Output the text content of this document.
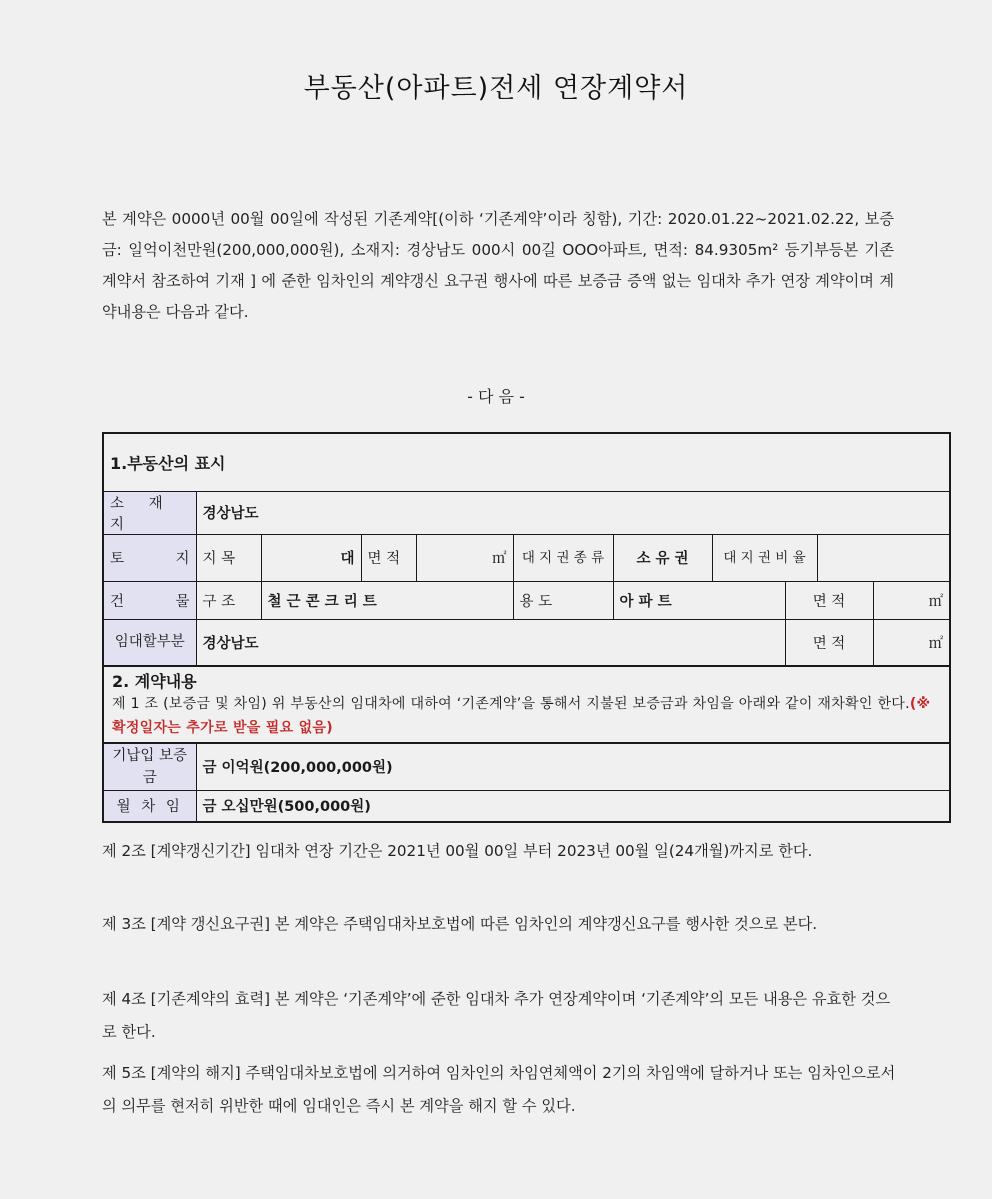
부동산(아파트)전세 연장계약서
본 계약은 0000년 00월 00일에 작성된 기존계약[(이하 ‘기존계약’이라 칭함), 기간: 2020.01.22~2021.02.22, 보증금: 일억이천만원(200,000,000원), 소재지: 경상남도 000시 00길 OOO아파트, 면적: 84.9305m² 등기부등본 기존 계약서 참조하여 기재 ] 에 준한 임차인의 계약갱신 요구권 행사에 따른 보증금 증액 없는 임대차 추가 연장 계약이며 계약내용은 다음과 같다.
- 다 음 -
1.부동산의 표시										
소 재 지	경상남도									
토 지	지 목	대	면 적	㎡	대 지 권 종 류	소 유 권	대 지 권 비 율			
건 물	구 조	철 근 콘 크 리 트			용 도	아 파 트		면 적		㎡
임대할부분	경상남도							면 적		㎡

2. 계약내용
제 1 조 (보증금 및 차임) 위 부동산의 임대차에 대하여 ‘기존계약’을 통해서 지불된 보증금과 차임을 아래와 같이 재차확인 한다.(※ 확정일자는 추가로 받을 필요 없음)										

기납입 보증금	금 이억원(200,000,000원)									
월 차 임	금 오십만원(500,000원)									
제 2조 [계약갱신기간] 임대차 연장 기간은 2021년 00월 00일 부터 2023년 00월 일(24개월)까지로 한다.
제 3조 [계약 갱신요구권] 본 계약은 주택임대차보호법에 따른 임차인의 계약갱신요구를 행사한 것으로 본다.
제 4조 [기존계약의 효력] 본 계약은 ‘기존계약’에 준한 임대차 추가 연장계약이며 ‘기존계약’의 모든 내용은 유효한 것으로 한다.
제 5조 [계약의 해지] 주택임대차보호법에 의거하여 임차인의 차임연체액이 2기의 차임액에 달하거나 또는 임차인으로서의 의무를 현저히 위반한 때에 임대인은 즉시 본 계약을 해지 할 수 있다.
